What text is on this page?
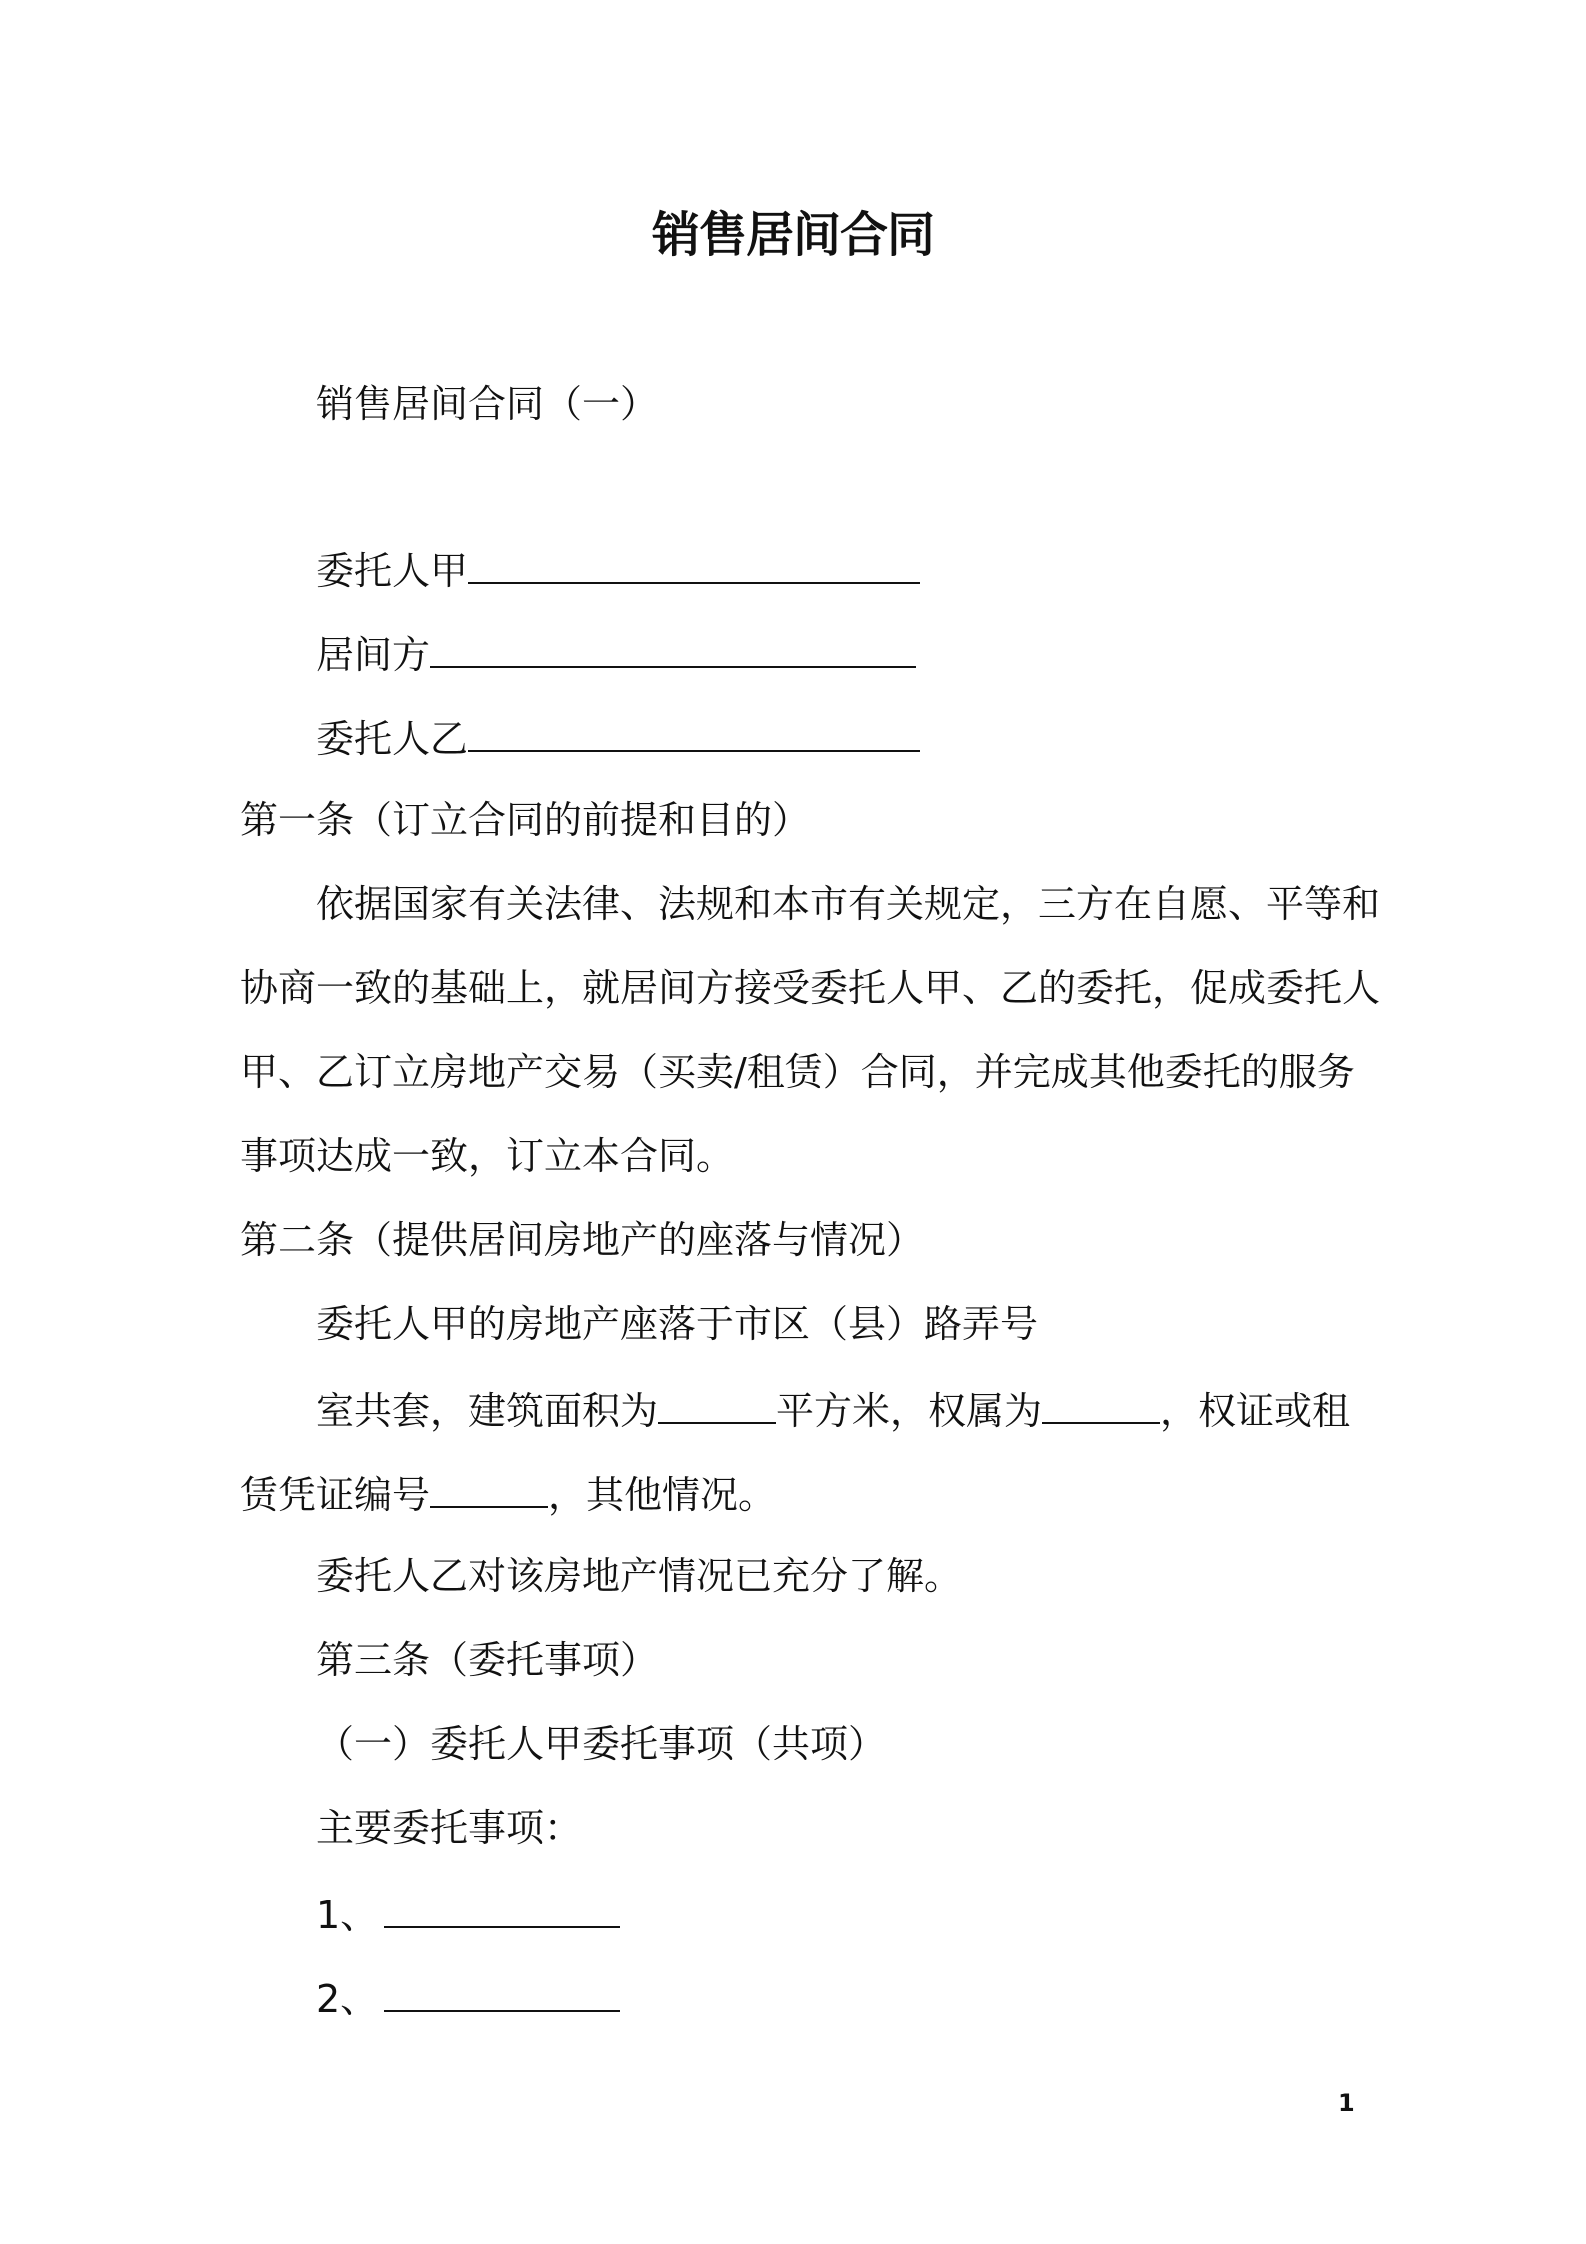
销售居间合同
销售居间合同（一）
委托人甲
居间方
委托人乙
第一条（订立合同的前提和目的）
依据国家有关法律、法规和本市有关规定，三方在自愿、平等和
协商一致的基础上，就居间方接受委托人甲、乙的委托，促成委托人
甲、乙订立房地产交易（买卖/租赁）合同，并完成其他委托的服务
事项达成一致，订立本合同。
第二条（提供居间房地产的座落与情况）
委托人甲的房地产座落于市区（县）路弄号
室共套，建筑面积为	平方米，权属为	，权证或租
赁凭证编号	，其他情况。
委托人乙对该房地产情况已充分了解。
第三条（委托事项）
（一）委托人甲委托事项（共项）
主要委托事项：
1、
2、
1
